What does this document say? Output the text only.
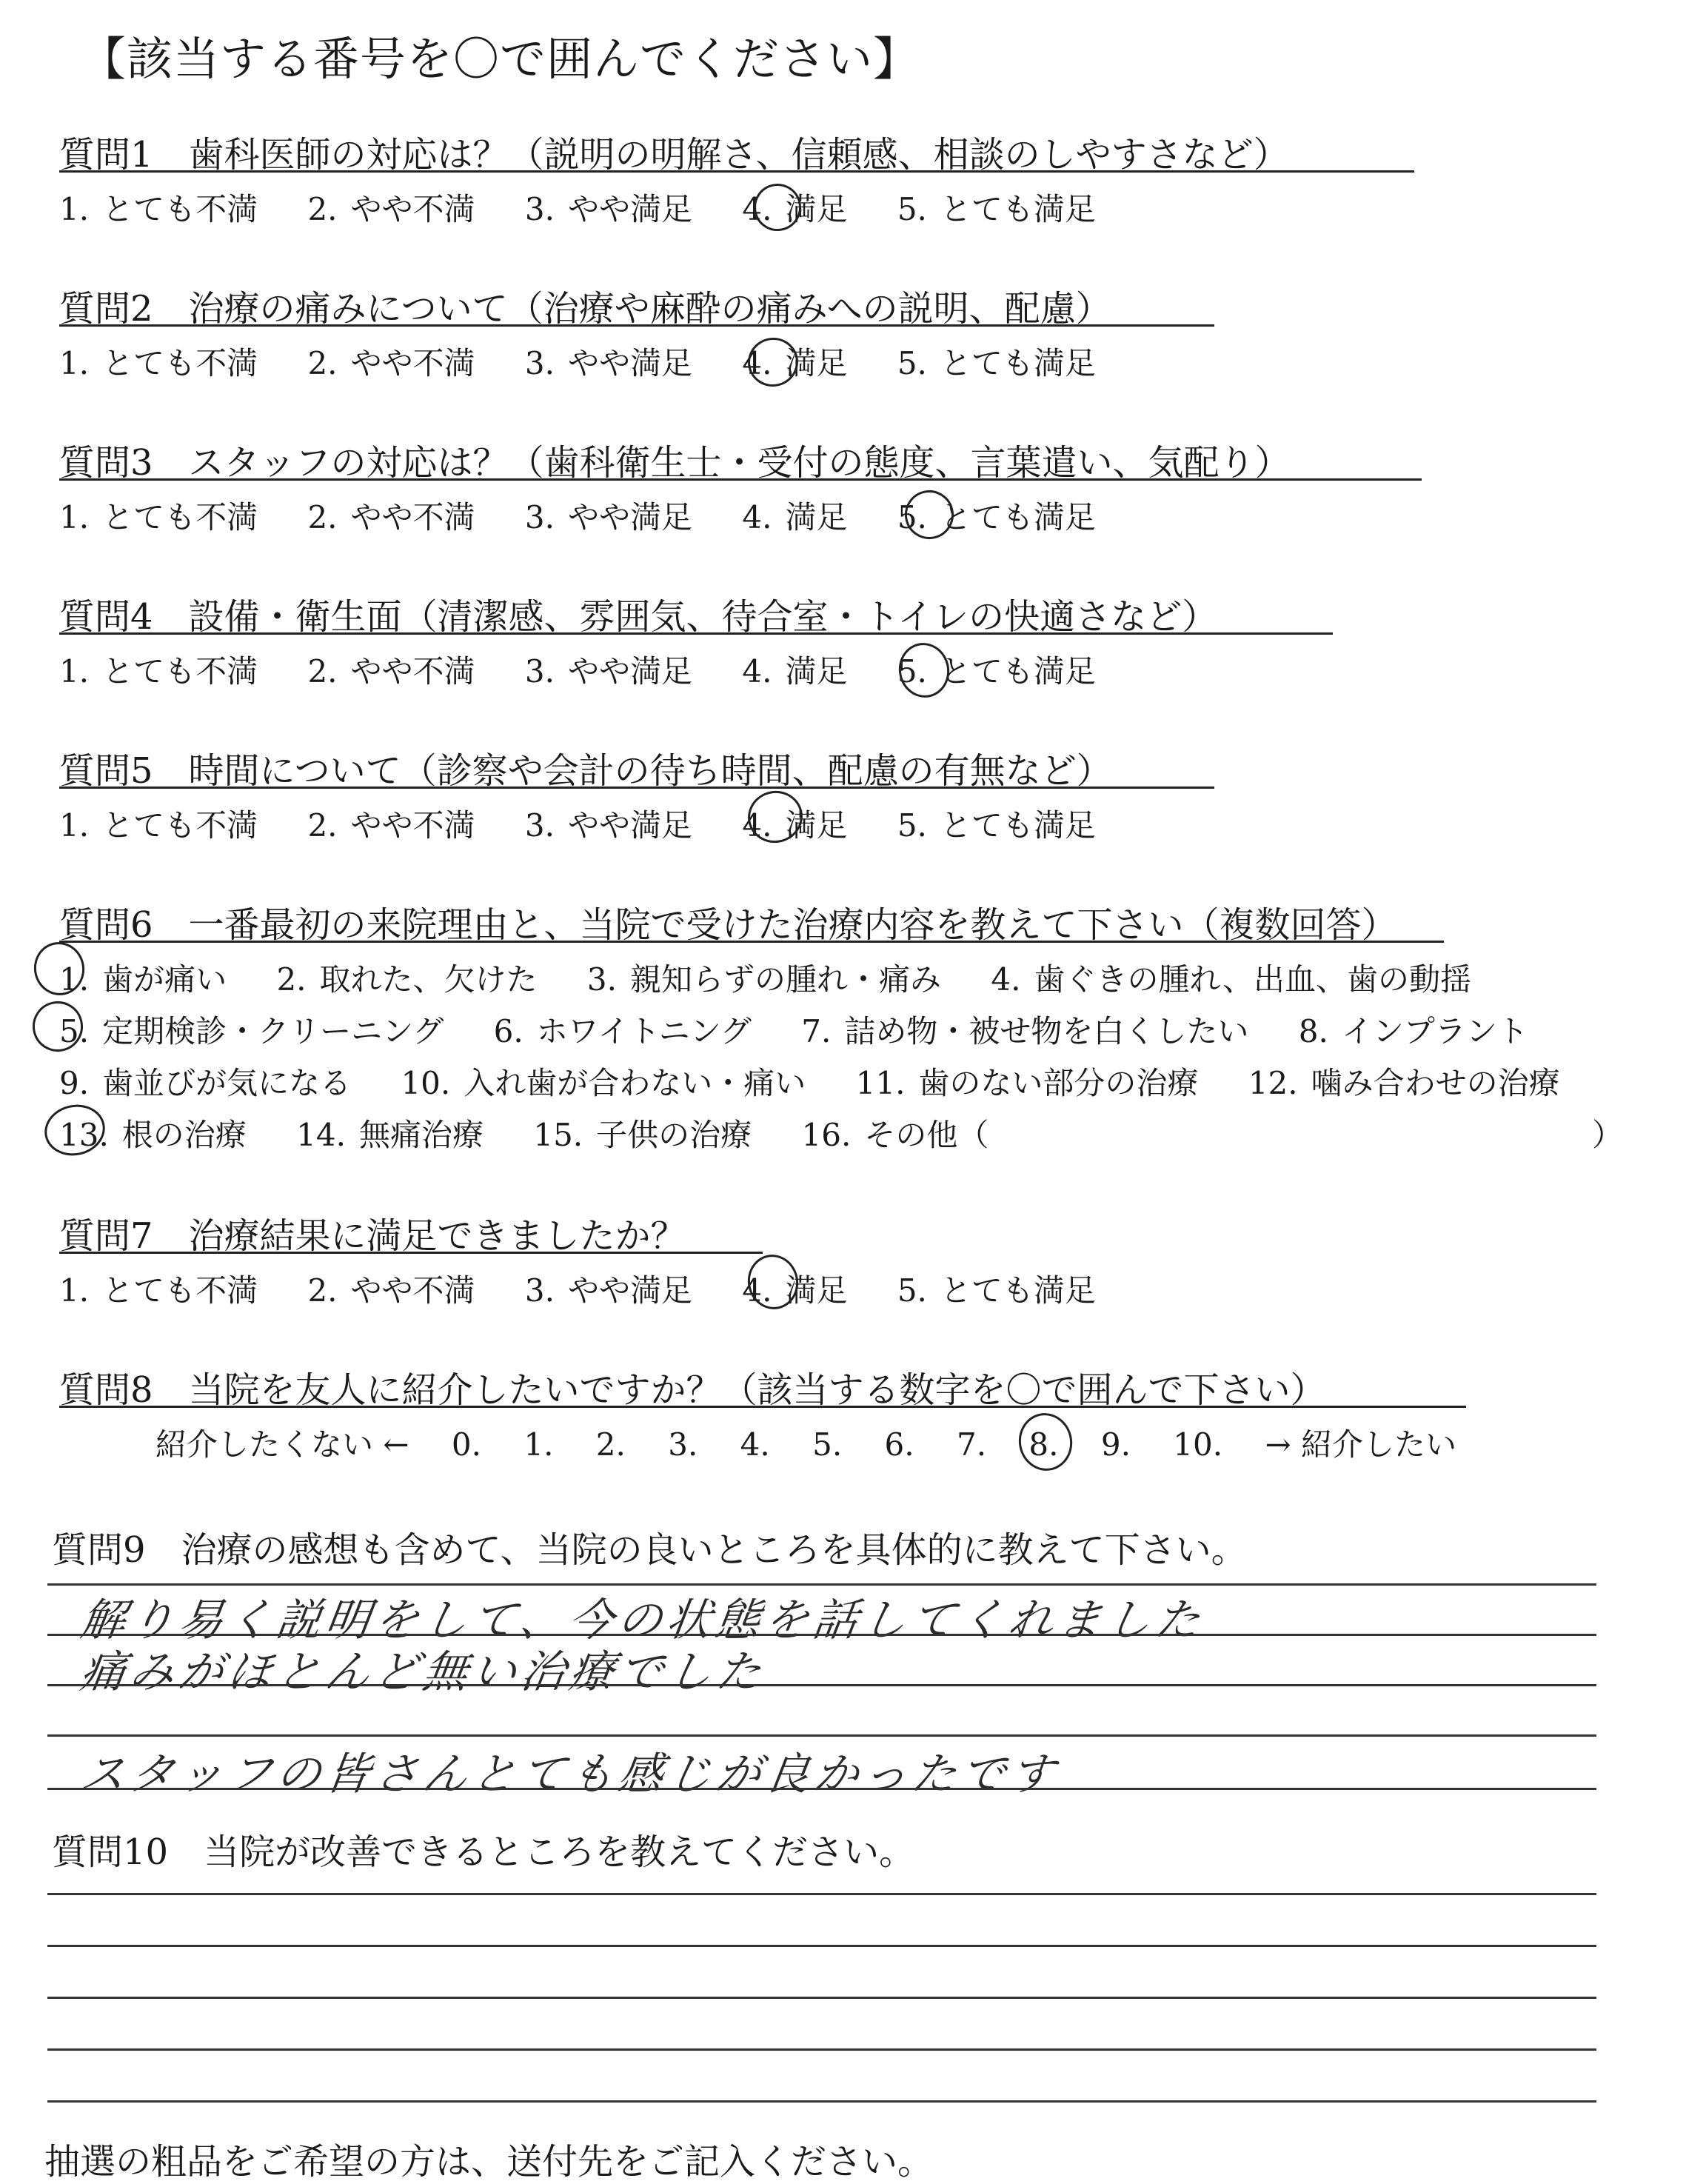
【該当する番号を〇で囲んでください】
質問1　歯科医師の対応は？（説明の明解さ、信頼感、相談のしやすさなど）
1. とても不満 2. やや不満 3. やや満足 4. 満足 5. とても満足
質問2　治療の痛みについて（治療や麻酔の痛みへの説明、配慮）
1. とても不満 2. やや不満 3. やや満足 4. 満足 5. とても満足
質問3　スタッフの対応は？（歯科衛生士・受付の態度、言葉遣い、気配り）
1. とても不満 2. やや不満 3. やや満足 4. 満足 5. とても満足
質問4　設備・衛生面（清潔感、雰囲気、待合室・トイレの快適さなど）
1. とても不満 2. やや不満 3. やや満足 4. 満足 5. とても満足
質問5　時間について（診察や会計の待ち時間、配慮の有無など）
1. とても不満 2. やや不満 3. やや満足 4. 満足 5. とても満足
質問6　一番最初の来院理由と、当院で受けた治療内容を教えて下さい（複数回答）
1. 歯が痛い 2. 取れた、欠けた 3. 親知らずの腫れ・痛み 4. 歯ぐきの腫れ、出血、歯の動揺
5. 定期検診・クリーニング 6. ホワイトニング 7. 詰め物・被せ物を白くしたい 8. インプラント
9. 歯並びが気になる 10. 入れ歯が合わない・痛い 11. 歯のない部分の治療 12. 噛み合わせの治療
13. 根の治療 14. 無痛治療 15. 子供の治療 16. その他（	）
質問7　治療結果に満足できましたか？
1. とても不満 2. やや不満 3. やや満足 4. 満足 5. とても満足
質問8　当院を友人に紹介したいですか？（該当する数字を〇で囲んで下さい）
紹介したくない ← 0. 1. 2. 3. 4. 5. 6. 7. 8. 9. 10. → 紹介したい
質問9　治療の感想も含めて、当院の良いところを具体的に教えて下さい。
解り易く説明をして、今の状態を話してくれました
痛みがほとんど無い治療でした
スタッフの皆さんとても感じが良かったです
質問10　当院が改善できるところを教えてください。
抽選の粗品をご希望の方は、送付先をご記入ください。
